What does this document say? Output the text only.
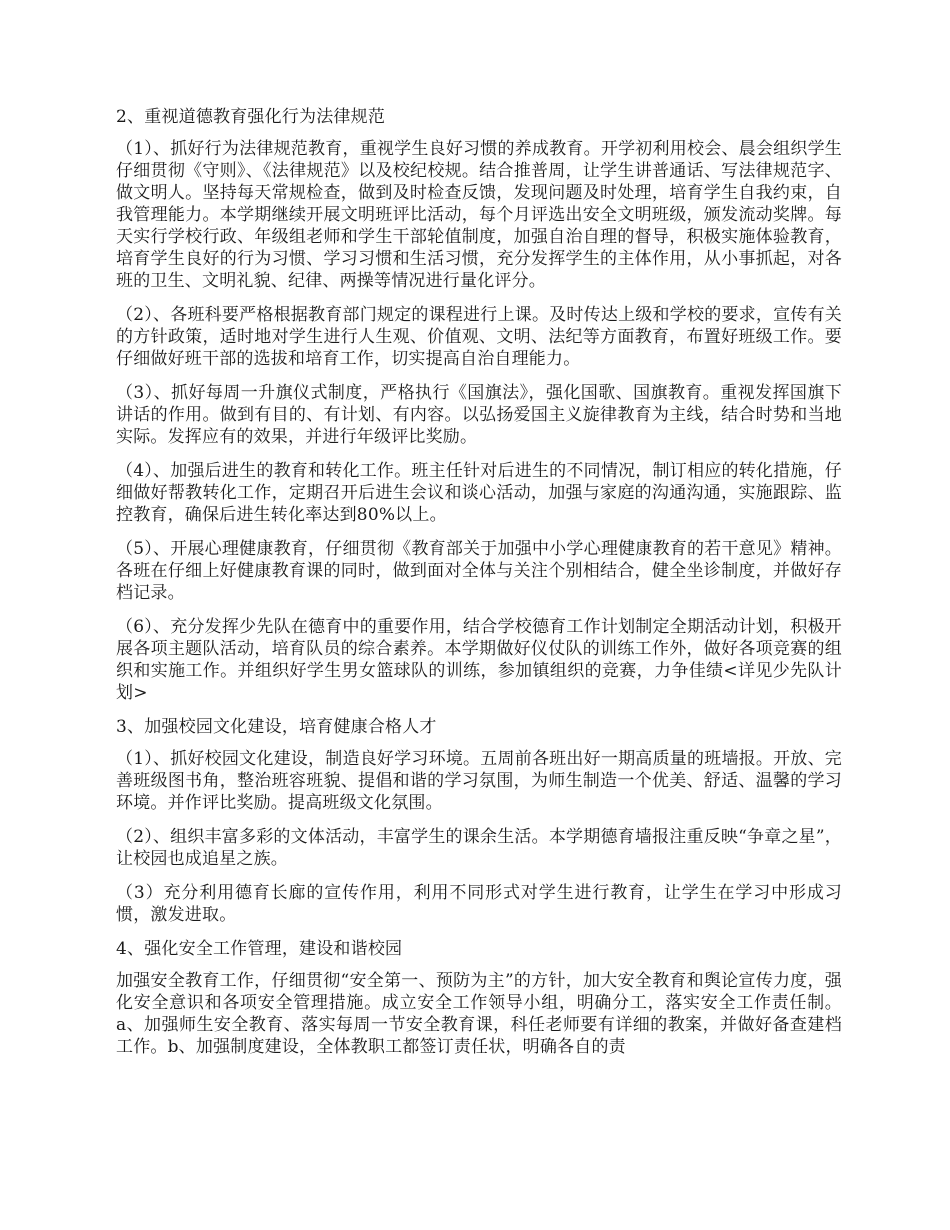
2、重视道德教育强化行为法律规范

（1）、抓好行为法律规范教育，重视学生良好习惯的养成教育。开学初利用校会、晨会组织学生仔细贯彻《守则》、《法律规范》以及校纪校规。结合推普周，让学生讲普通话、写法律规范字、做文明人。坚持每天常规检查，做到及时检查反馈，发现问题及时处理，培育学生自我约束，自我管理能力。本学期继续开展文明班评比活动，每个月评选出安全文明班级，颁发流动奖牌。每天实行学校行政、年级组老师和学生干部轮值制度，加强自治自理的督导，积极实施体验教育，培育学生良好的行为习惯、学习习惯和生活习惯，充分发挥学生的主体作用，从小事抓起，对各班的卫生、文明礼貌、纪律、两操等情况进行量化评分。

（2）、各班科要严格根据教育部门规定的课程进行上课。及时传达上级和学校的要求，宣传有关的方针政策，适时地对学生进行人生观、价值观、文明、法纪等方面教育，布置好班级工作。要仔细做好班干部的选拔和培育工作，切实提高自治自理能力。

（3）、抓好每周一升旗仪式制度，严格执行《国旗法》，强化国歌、国旗教育。重视发挥国旗下讲话的作用。做到有目的、有计划、有内容。以弘扬爱国主义旋律教育为主线，结合时势和当地实际。发挥应有的效果，并进行年级评比奖励。

（4）、加强后进生的教育和转化工作。班主任针对后进生的不同情况，制订相应的转化措施，仔细做好帮教转化工作，定期召开后进生会议和谈心活动，加强与家庭的沟通沟通，实施跟踪、监控教育，确保后进生转化率达到80%以上。

（5）、开展心理健康教育，仔细贯彻《教育部关于加强中小学心理健康教育的若干意见》精神。各班在仔细上好健康教育课的同时，做到面对全体与关注个别相结合，健全坐诊制度，并做好存档记录。

（6）、充分发挥少先队在德育中的重要作用，结合学校德育工作计划制定全期活动计划，积极开展各项主题队活动，培育队员的综合素养。本学期做好仪仗队的训练工作外，做好各项竞赛的组织和实施工作。并组织好学生男女篮球队的训练，参加镇组织的竞赛，力争佳绩<详见少先队计划>

3、加强校园文化建设，培育健康合格人才

（1）、抓好校园文化建设，制造良好学习环境。五周前各班出好一期高质量的班墙报。开放、完善班级图书角，整治班容班貌、提倡和谐的学习氛围，为师生制造一个优美、舒适、温馨的学习环境。并作评比奖励。提高班级文化氛围。

（2）、组织丰富多彩的文体活动，丰富学生的课余生活。本学期德育墙报注重反映“争章之星”，让校园也成追星之族。

（3）充分利用德育长廊的宣传作用，利用不同形式对学生进行教育，让学生在学习中形成习惯，激发进取。

4、强化安全工作管理，建设和谐校园

加强安全教育工作，仔细贯彻“安全第一、预防为主”的方针，加大安全教育和舆论宣传力度，强化安全意识和各项安全管理措施。成立安全工作领导小组，明确分工，落实安全工作责任制。a、加强师生安全教育、落实每周一节安全教育课，科任老师要有详细的教案，并做好备查建档工作。b、加强制度建设，全体教职工都签订责任状，明确各自的责
